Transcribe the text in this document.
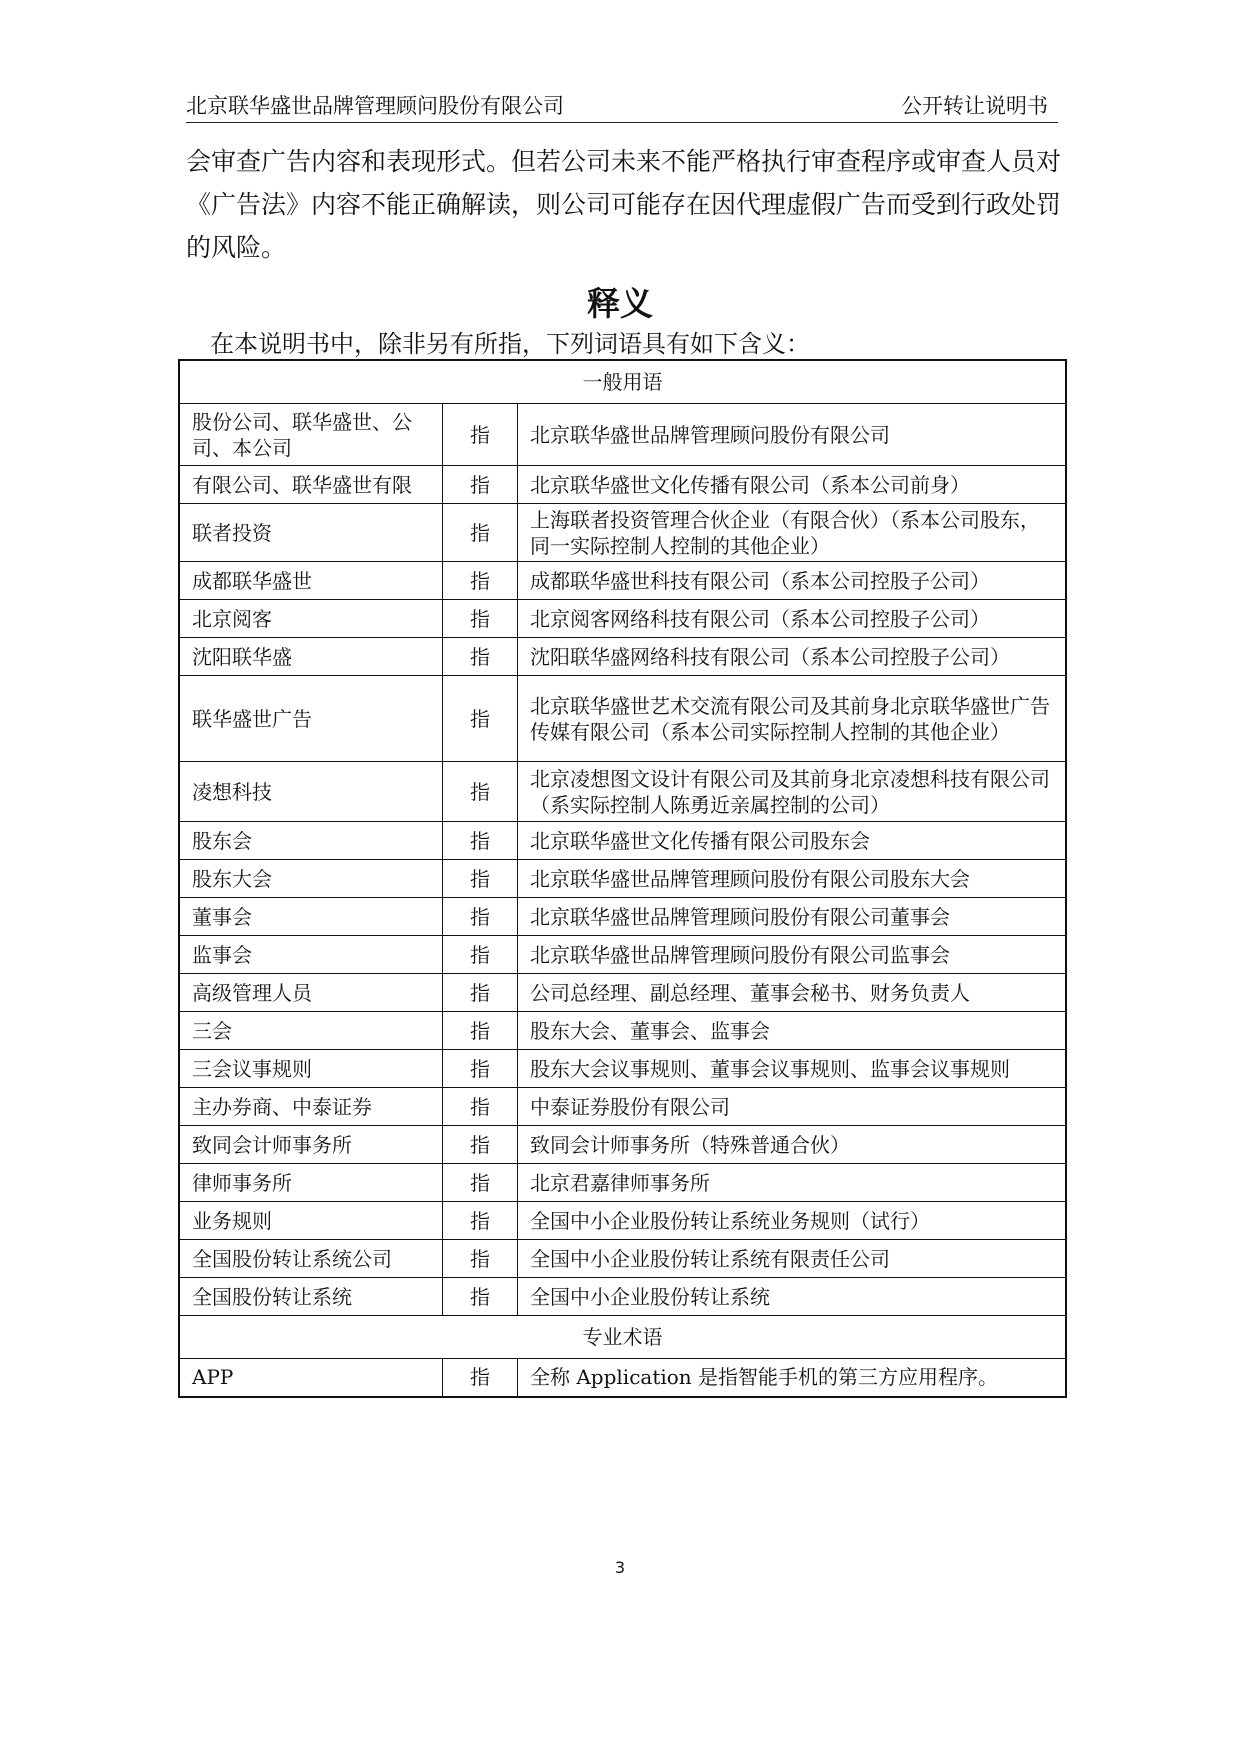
北京联华盛世品牌管理顾问股份有限公司	公开转让说明书

会审查广告内容和表现形式。但若公司未来不能严格执行审查程序或审查人员对

《广告法》内容不能正确解读，则公司可能存在因代理虚假广告而受到行政处罚

的风险。

释义
在本说明书中，除非另有所指，下列词语具有如下含义：
一般用语		
股份公司、联华盛世、公司、本公司	指	北京联华盛世品牌管理顾问股份有限公司
有限公司、联华盛世有限	指	北京联华盛世文化传播有限公司（系本公司前身）
联者投资	指	上海联者投资管理合伙企业（有限合伙）（系本公司股东，同一实际控制人控制的其他企业）
成都联华盛世	指	成都联华盛世科技有限公司（系本公司控股子公司）
北京阅客	指	北京阅客网络科技有限公司（系本公司控股子公司）
沈阳联华盛	指	沈阳联华盛网络科技有限公司（系本公司控股子公司）
联华盛世广告	指	北京联华盛世艺术交流有限公司及其前身北京联华盛世广告传媒有限公司（系本公司实际控制人控制的其他企业）
凌想科技	指	北京凌想图文设计有限公司及其前身北京凌想科技有限公司（系实际控制人陈勇近亲属控制的公司）
股东会	指	北京联华盛世文化传播有限公司股东会
股东大会	指	北京联华盛世品牌管理顾问股份有限公司股东大会
董事会	指	北京联华盛世品牌管理顾问股份有限公司董事会
监事会	指	北京联华盛世品牌管理顾问股份有限公司监事会
高级管理人员	指	公司总经理、副总经理、董事会秘书、财务负责人
三会	指	股东大会、董事会、监事会
三会议事规则	指	股东大会议事规则、董事会议事规则、监事会议事规则
主办券商、中泰证券	指	中泰证券股份有限公司
致同会计师事务所	指	致同会计师事务所（特殊普通合伙）
律师事务所	指	北京君嘉律师事务所
业务规则	指	全国中小企业股份转让系统业务规则（试行）
全国股份转让系统公司	指	全国中小企业股份转让系统有限责任公司
全国股份转让系统	指	全国中小企业股份转让系统
专业术语		
APP	指	全称 Application 是指智能手机的第三方应用程序。
3
